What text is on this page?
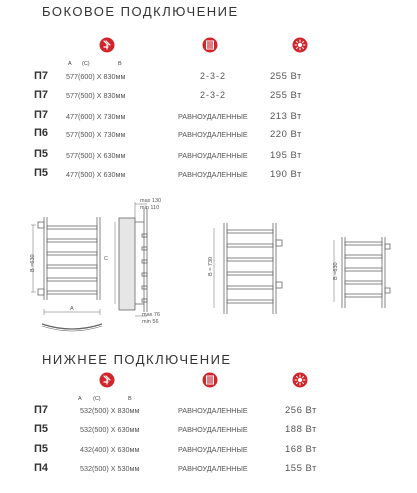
БОКОВОЕ ПОДКЛЮЧЕНИЕ
A (C)	B
П7 577(600) X 830мм	2-3-2	255 Вт
П7 577(500) X 830мм	2-3-2	255 Вт
П7 477(600) X 730мм	РАВНОУДАЛЕННЫЕ 213 Вт
П6 577(500) X 730мм	РАВНОУДАЛЕННЫЕ 220 Вт
П5 577(500) X 630мм	РАВНОУДАЛЕННЫЕ 195 Вт
П5 477(500) X 630мм	РАВНОУДАЛЕННЫЕ 190 Вт
B =630
A
C
max 130
min 110
max 76
min 56
B = 730	B =630
НИЖНЕЕ ПОДКЛЮЧЕНИЕ
A (C)	B
П7	532(500) X 830мм	РАВНОУДАЛЕННЫЕ	256 Вт
П5	532(500) X 630мм	РАВНОУДАЛЕННЫЕ	188 Вт
П5	432(400) X 630мм	РАВНОУДАЛЕННЫЕ	168 Вт
П4	532(500) X 530мм	РАВНОУДАЛЕННЫЕ	155 Вт
